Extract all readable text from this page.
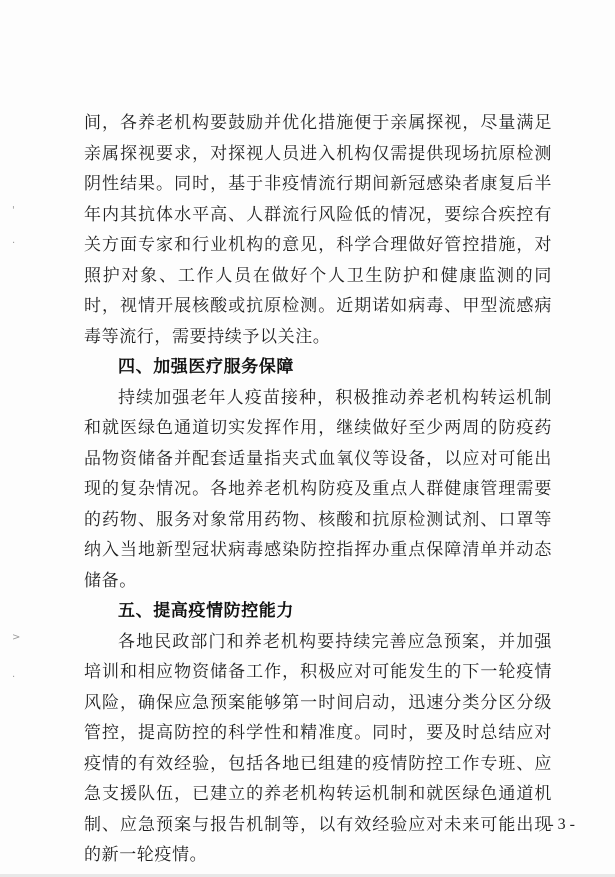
'
·
>
·

间，各养老机构要鼓励并优化措施便于亲属探视，尽量满足亲属探视要求，对探视人员进入机构仅需提供现场抗原检测阴性结果。同时，基于非疫情流行期间新冠感染者康复后半年内其抗体水平高、人群流行风险低的情况，要综合疾控有关方面专家和行业机构的意见，科学合理做好管控措施，对照护对象、工作人员在做好个人卫生防护和健康监测的同时，视情开展核酸或抗原检测。近期诺如病毒、甲型流感病毒等流行，需要持续予以关注。

四、加强医疗服务保障

持续加强老年人疫苗接种，积极推动养老机构转运机制和就医绿色通道切实发挥作用，继续做好至少两周的防疫药品物资储备并配套适量指夹式血氧仪等设备，以应对可能出现的复杂情况。各地养老机构防疫及重点人群健康管理需要的药物、服务对象常用药物、核酸和抗原检测试剂、口罩等纳入当地新型冠状病毒感染防控指挥办重点保障清单并动态储备。

五、提高疫情防控能力

各地民政部门和养老机构要持续完善应急预案，并加强培训和相应物资储备工作，积极应对可能发生的下一轮疫情风险，确保应急预案能够第一时间启动，迅速分类分区分级管控，提高防控的科学性和精准度。同时，要及时总结应对疫情的有效经验，包括各地已组建的疫情防控工作专班、应急支援队伍，已建立的养老机构转运机制和就医绿色通道机制、应急预案与报告机制等，以有效经验应对未来可能出现的新一轮疫情。

- 3 -
